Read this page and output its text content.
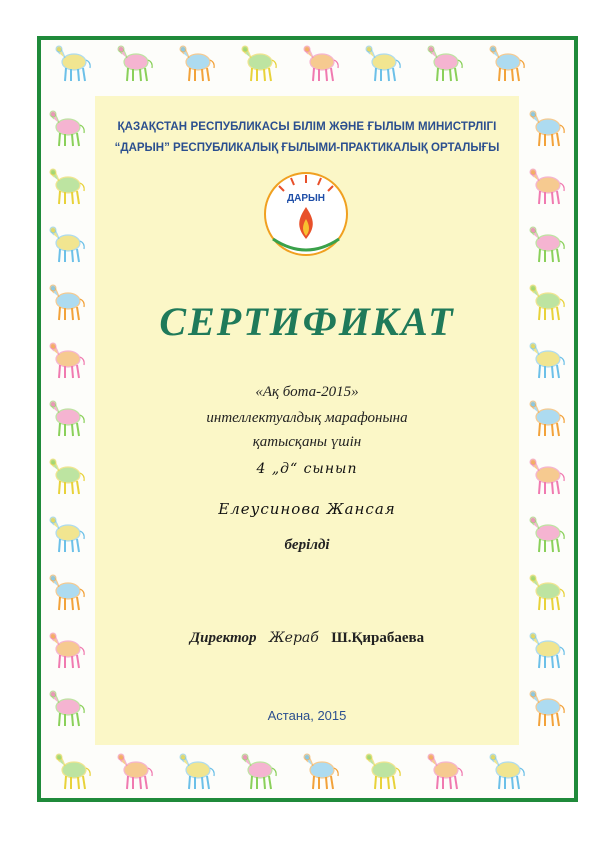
ҚАЗАҚСТАН РЕСПУБЛИКАСЫ БІЛІМ ЖӘНЕ ҒЫЛЫМ МИНИСТРЛІГІ

“ДАРЫН” РЕСПУБЛИКАЛЫҚ ҒЫЛЫМИ-ПРАКТИКАЛЫҚ ОРТАЛЫҒЫ

ДАРЫН

СЕРТИФИКАТ

«Ақ бота-2015»

интеллектуалдық марафонына

қатысқаны үшін

4 „д“ сынып

Елеусинова Жансая

берілді

Директор Жераб Ш.Қирабаева

Астана, 2015
